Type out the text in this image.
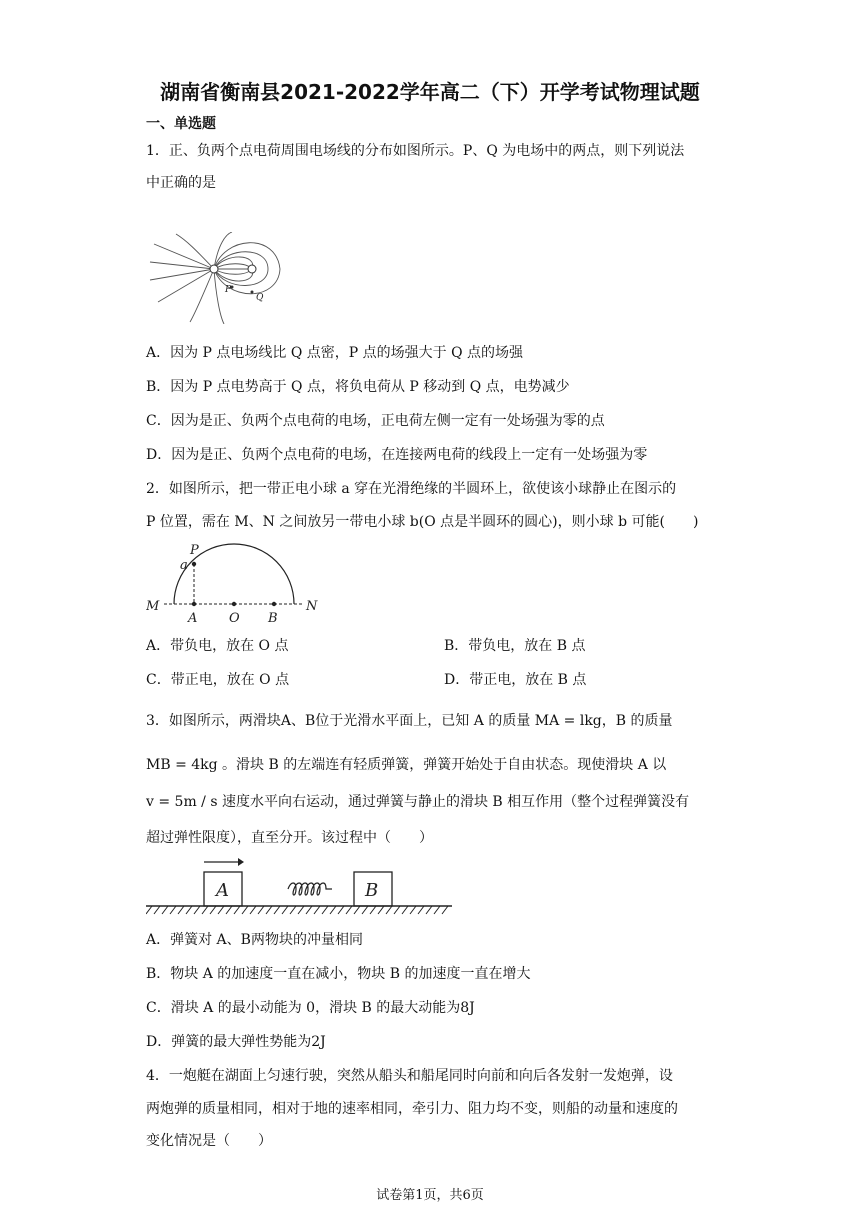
湖南省衡南县2021-2022学年高二（下）开学考试物理试题
一、单选题
1．正、负两个点电荷周围电场线的分布如图所示。P、Q 为电场中的两点，则下列说法
中正确的是
P
Q
A．因为 P 点电场线比 Q 点密，P 点的场强大于 Q 点的场强
B．因为 P 点电势高于 Q 点，将负电荷从 P 移动到 Q 点，电势减少
C．因为是正、负两个点电荷的电场，正电荷左侧一定有一处场强为零的点
D．因为是正、负两个点电荷的电场，在连接两电荷的线段上一定有一处场强为零
2．如图所示，把一带正电小球 a 穿在光滑绝缘的半圆环上，欲使该小球静止在图示的
P 位置，需在 M、N 之间放另一带电小球 b(O 点是半圆环的圆心)，则小球 b 可能(　　)
P
a
M	N
A O B
A．带负电，放在 O 点	B．带负电，放在 B 点
C．带正电，放在 O 点	D．带正电，放在 B 点
3．如图所示，两滑块A、B位于光滑水平面上，已知 A 的质量 MA = lkg，B 的质量
MB = 4kg 。滑块 B 的左端连有轻质弹簧，弹簧开始处于自由状态。现使滑块 A 以
v = 5m / s 速度水平向右运动，通过弹簧与静止的滑块 B 相互作用（整个过程弹簧没有
超过弹性限度），直至分开。该过程中（　　）
A	B
A．弹簧对 A、B两物块的冲量相同
B．物块 A 的加速度一直在减小，物块 B 的加速度一直在增大
C．滑块 A 的最小动能为 0，滑块 B 的最大动能为8J
D．弹簧的最大弹性势能为2J
4．一炮艇在湖面上匀速行驶，突然从船头和船尾同时向前和向后各发射一发炮弹，设
两炮弹的质量相同，相对于地的速率相同，牵引力、阻力均不变，则船的动量和速度的
变化情况是（　　）
试卷第1页，共6页
